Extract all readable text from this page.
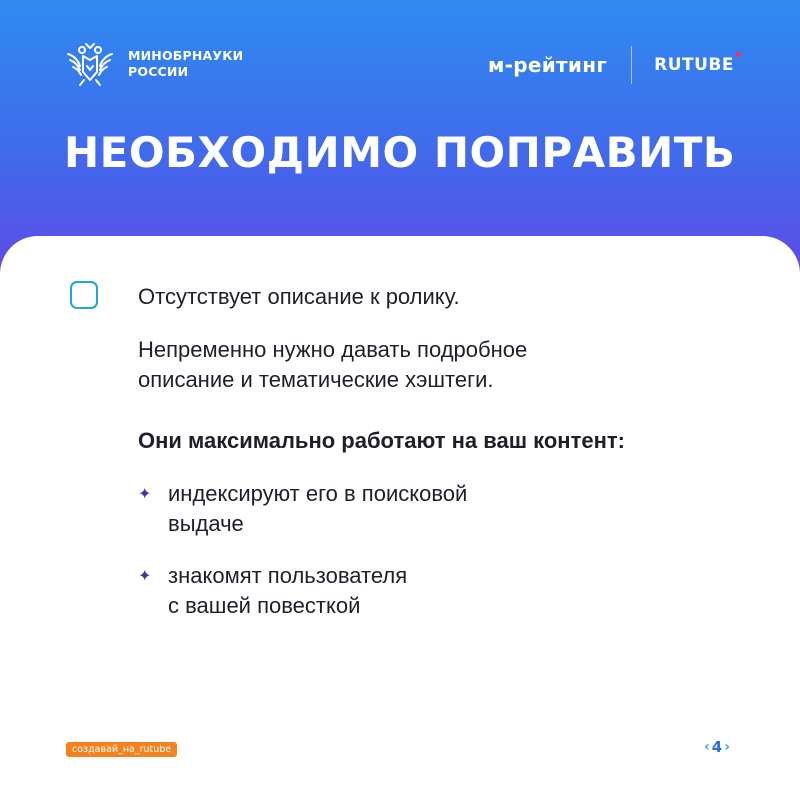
МИНОБРНАУКИ
РОССИИ	м-рейтинг	RUTUBE
НЕОБХОДИМО ПОПРАВИТЬ
Отсутствует описание к ролику.
Непременно нужно давать подробное
описание и тематические хэштеги.
Они максимально работают на ваш контент:
✦ индексируют его в поисковой
выдаче
✦ знакомят пользователя
с вашей повесткой
создавай_на_rutube	‹ 4 ›
